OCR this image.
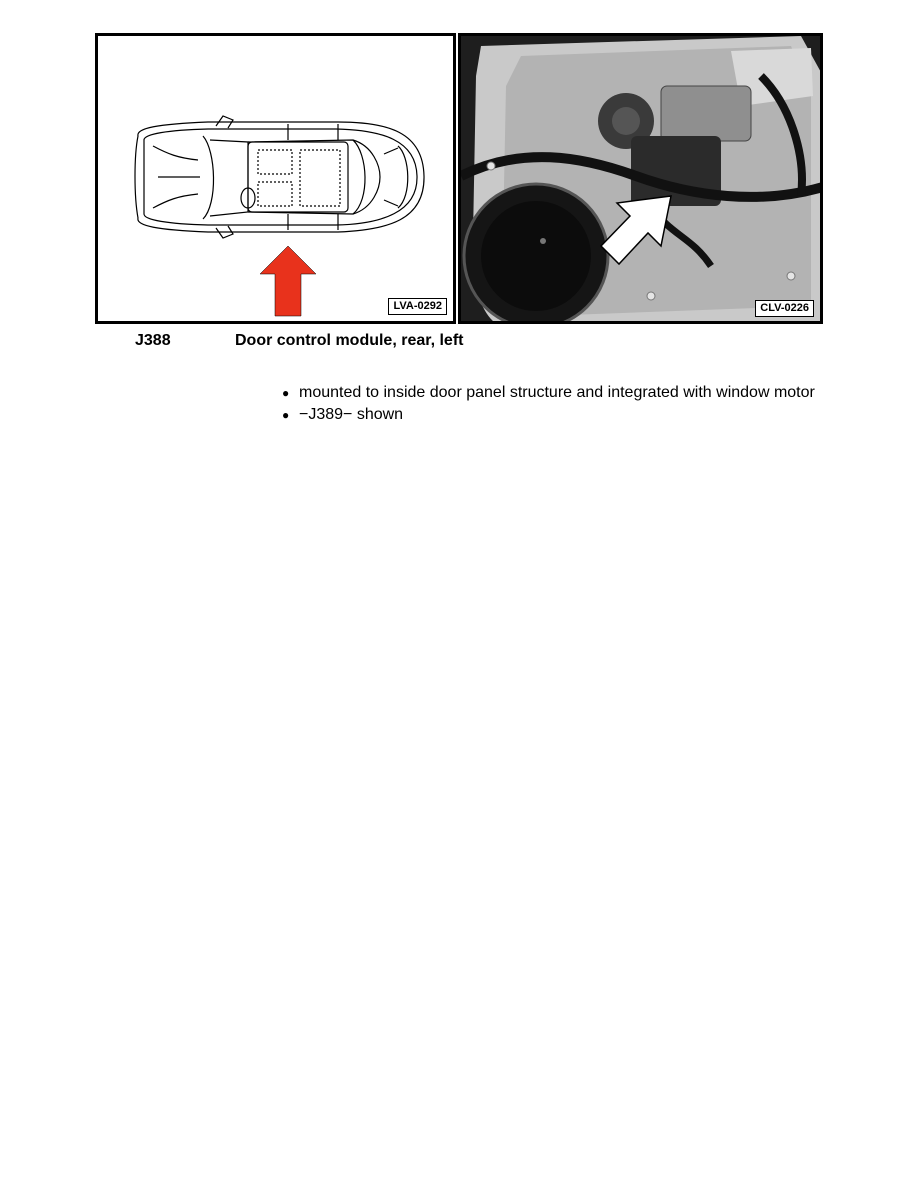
LVA-0292	CLV-0226
J388	Door control module, rear, left
● mounted to inside door panel structure and integrated with window motor
● −J389− shown
